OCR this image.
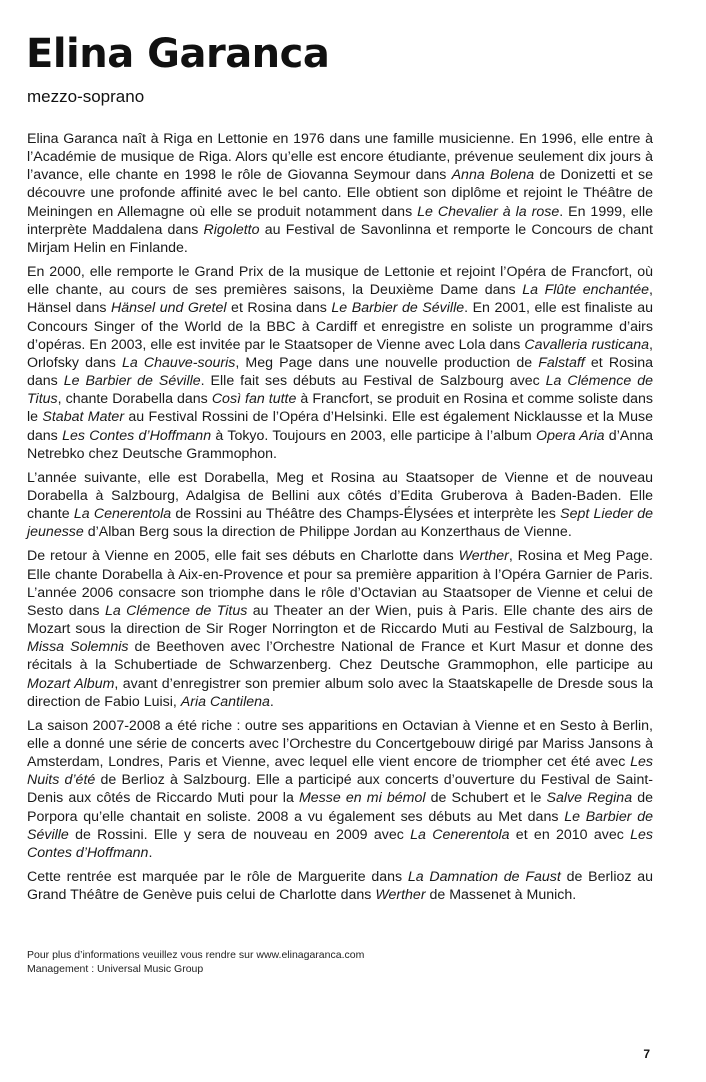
Elina Garanca

mezzo-soprano

Elina Garanca naît à Riga en Lettonie en 1976 dans une famille musicienne. En 1996, elle entre à l’Académie de musique de Riga. Alors qu’elle est encore étudiante, prévenue seulement dix jours à l’avance, elle chante en 1998 le rôle de Giovanna Seymour dans Anna Bolena de Donizetti et se découvre une profonde affinité avec le bel canto. Elle obtient son diplôme et rejoint le Théâtre de Meiningen en Allemagne où elle se produit notamment dans Le Chevalier à la rose. En 1999, elle interprète Maddalena dans Rigoletto au Festival de Savonlinna et remporte le Concours de chant Mirjam Helin en Finlande.

En 2000, elle remporte le Grand Prix de la musique de Lettonie et rejoint l’Opéra de Francfort, où elle chante, au cours de ses premières saisons, la Deuxième Dame dans La Flûte enchantée, Hänsel dans Hänsel und Gretel et Rosina dans Le Barbier de Séville. En 2001, elle est finaliste au Concours Singer of the World de la BBC à Cardiff et enregistre en soliste un programme d’airs d’opéras. En 2003, elle est invitée par le Staatsoper de Vienne avec Lola dans Cavalleria rusticana, Orlofsky dans La Chauve-souris, Meg Page dans une nouvelle production de Falstaff et Rosina dans Le Barbier de Séville. Elle fait ses débuts au Festival de Salzbourg avec La Clémence de Titus, chante Dorabella dans Così fan tutte à Francfort, se produit en Rosina et comme soliste dans le Stabat Mater au Festival Rossini de l’Opéra d’Helsinki. Elle est également Nicklausse et la Muse dans Les Contes d’Hoffmann à Tokyo. Toujours en 2003, elle participe à l’album Opera Aria d’Anna Netrebko chez Deutsche Grammophon.

L’année suivante, elle est Dorabella, Meg et Rosina au Staatsoper de Vienne et de nouveau Dorabella à Salzbourg, Adalgisa de Bellini aux côtés d’Edita Gruberova à Baden-Baden. Elle chante La Cenerentola de Rossini au Théâtre des Champs-Élysées et interprète les Sept Lieder de jeunesse d’Alban Berg sous la direction de Philippe Jordan au Konzerthaus de Vienne.

De retour à Vienne en 2005, elle fait ses débuts en Charlotte dans Werther, Rosina et Meg Page. Elle chante Dorabella à Aix-en-Provence et pour sa première apparition à l’Opéra Garnier de Paris. L’année 2006 consacre son triomphe dans le rôle d’Octavian au Staatsoper de Vienne et celui de Sesto dans La Clémence de Titus au Theater an der Wien, puis à Paris. Elle chante des airs de Mozart sous la direction de Sir Roger Norrington et de Riccardo Muti au Festival de Salzbourg, la Missa Solemnis de Beethoven avec l’Orchestre National de France et Kurt Masur et donne des récitals à la Schubertiade de Schwarzenberg. Chez Deutsche Grammophon, elle participe au Mozart Album, avant d’enregistrer son premier album solo avec la Staatskapelle de Dresde sous la direction de Fabio Luisi, Aria Cantilena.

La saison 2007-2008 a été riche : outre ses apparitions en Octavian à Vienne et en Sesto à Berlin, elle a donné une série de concerts avec l’Orchestre du Concertgebouw dirigé par Mariss Jansons à Amsterdam, Londres, Paris et Vienne, avec lequel elle vient encore de triompher cet été avec Les Nuits d’été de Berlioz à Salzbourg. Elle a participé aux concerts d’ouverture du Festival de Saint-Denis aux côtés de Riccardo Muti pour la Messe en mi bémol de Schubert et le Salve Regina de Porpora qu’elle chantait en soliste. 2008 a vu également ses débuts au Met dans Le Barbier de Séville de Rossini. Elle y sera de nouveau en 2009 avec La Cenerentola et en 2010 avec Les Contes d’Hoffmann.

Cette rentrée est marquée par le rôle de Marguerite dans La Damnation de Faust de Berlioz au Grand Théâtre de Genève puis celui de Charlotte dans Werther de Massenet à Munich.

Pour plus d’informations veuillez vous rendre sur www.elinagaranca.com
Management : Universal Music Group
7
